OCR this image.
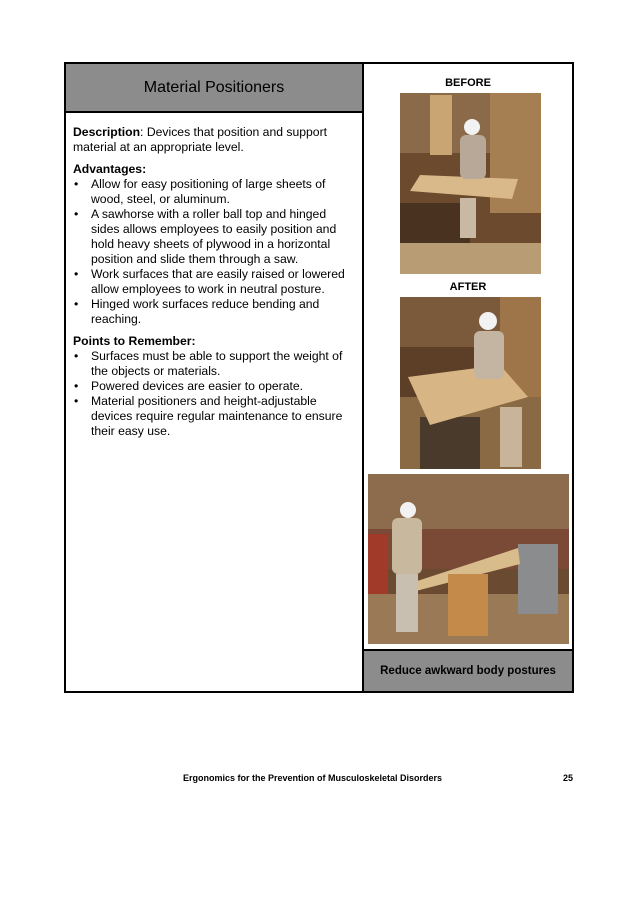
Material Positioners

Description: Devices that position and support material at an appropriate level.

Advantages:
• Allow for easy positioning of large sheets of wood, steel, or aluminum.
• A sawhorse with a roller ball top and hinged sides allows employees to easily position and hold heavy sheets of plywood in a horizontal position and slide them through a saw.
• Work surfaces that are easily raised or lowered allow employees to work in neutral posture.
• Hinged work surfaces reduce bending and reaching.
Points to Remember:
• Surfaces must be able to support the weight of the objects or materials.
• Powered devices are easier to operate.
• Material positioners and height-adjustable devices require regular maintenance to ensure their easy use.
BEFORE
AFTER
Reduce awkward body postures
Ergonomics for the Prevention of Musculoskeletal Disorders	25
